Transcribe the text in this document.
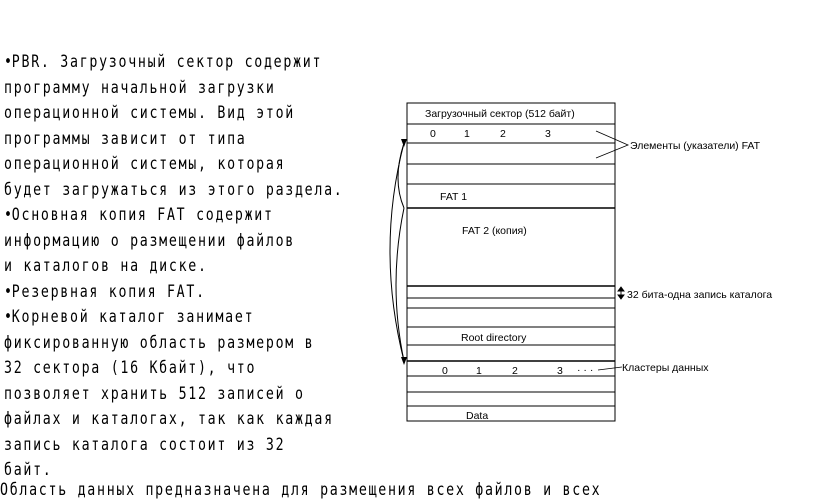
•PBR. Загрузочный сектор содержит
программу начальной загрузки
операционной системы. Вид этой
программы зависит от типа
операционной системы, которая
будет загружаться из этого раздела.
•Основная копия FAT содержит
информацию о размещении файлов
и каталогов на диске.
•Резервная копия FAT.
•Корневой каталог занимает
фиксированную область размером в
32 сектора (16 Кбайт), что
позволяет хранить 512 записей о
файлах и каталогах, так как каждая
запись каталога состоит из 32
байт.
Область данных предназначена для размещения всех файлов и всех
Загрузочный сектор (512 байт)
0	1	2	3
FAT 1
FAT 2 (копия)
Root directory
0	1	2	3 · · ·
Data
Элементы (указатели) FAT
32 бита-одна запись каталога
Кластеры данных
